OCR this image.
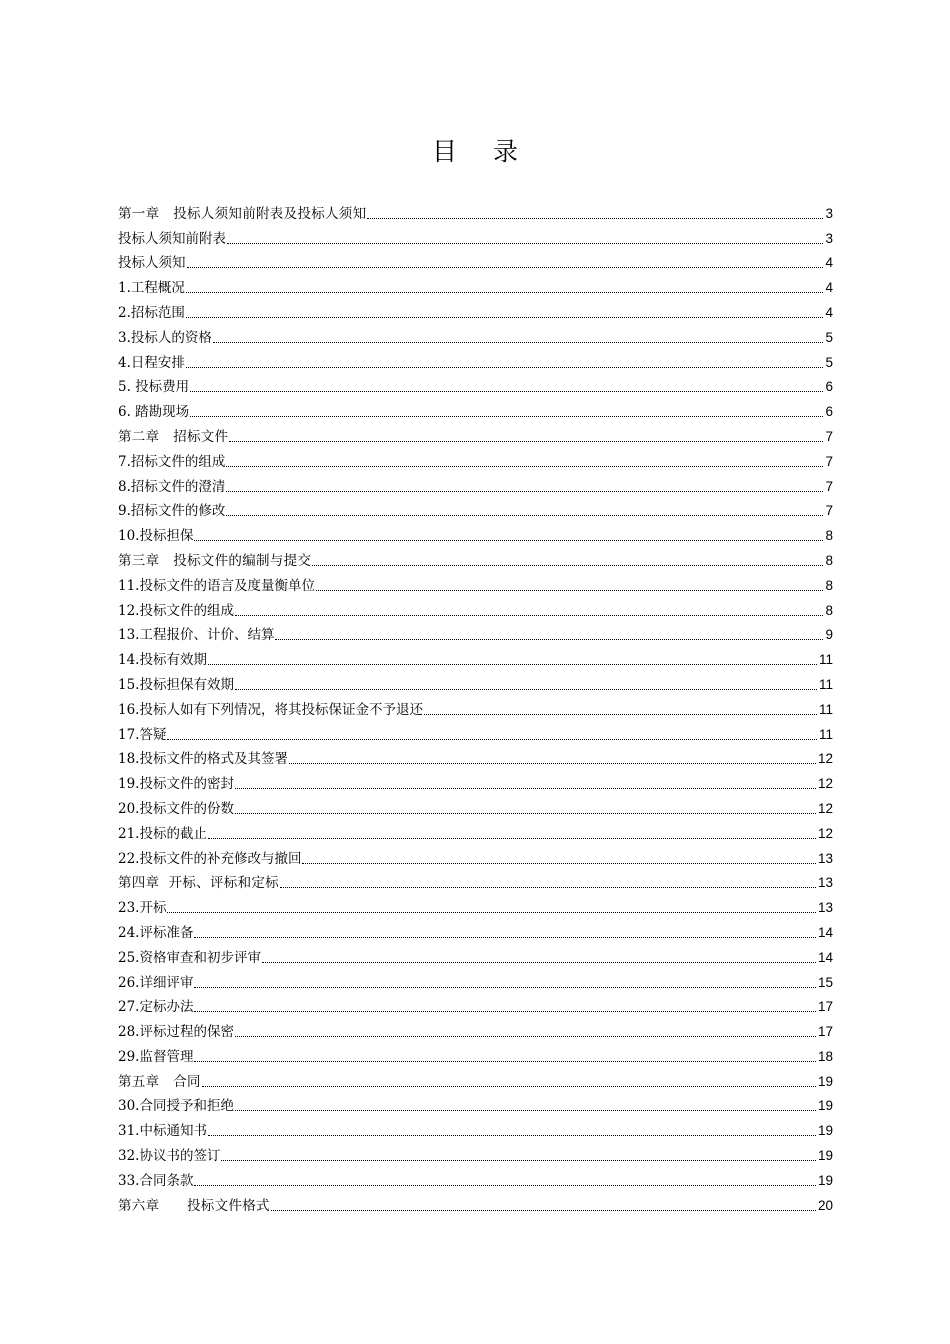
目 录
第一章　投标人须知前附表及投标人须知	3
投标人须知前附表	3
投标人须知	4
1.工程概况	4
2.招标范围	4
3.投标人的资格	5
4.日程安排	5
5. 投标费用	6
6. 踏勘现场	6
第二章　招标文件	7
7.招标文件的组成	7
8.招标文件的澄清	7
9.招标文件的修改	7
10.投标担保	8
第三章　投标文件的编制与提交	8
11.投标文件的语言及度量衡单位	8
12.投标文件的组成	8
13.工程报价、计价、结算	9
14.投标有效期	11
15.投标担保有效期	11
16.投标人如有下列情况，将其投标保证金不予退还	11
17.答疑	11
18.投标文件的格式及其签署	12
19.投标文件的密封	12
20.投标文件的份数	12
21.投标的截止	12
22.投标文件的补充修改与撤回	13
第四章  开标、评标和定标	13
23.开标	13
24.评标准备	14
25.资格审查和初步评审	14
26.详细评审	15
27.定标办法	17
28.评标过程的保密	17
29.监督管理	18
第五章　合同	19
30.合同授予和拒绝	19
31.中标通知书	19
32.协议书的签订	19
33.合同条款	19
第六章　　投标文件格式	20
